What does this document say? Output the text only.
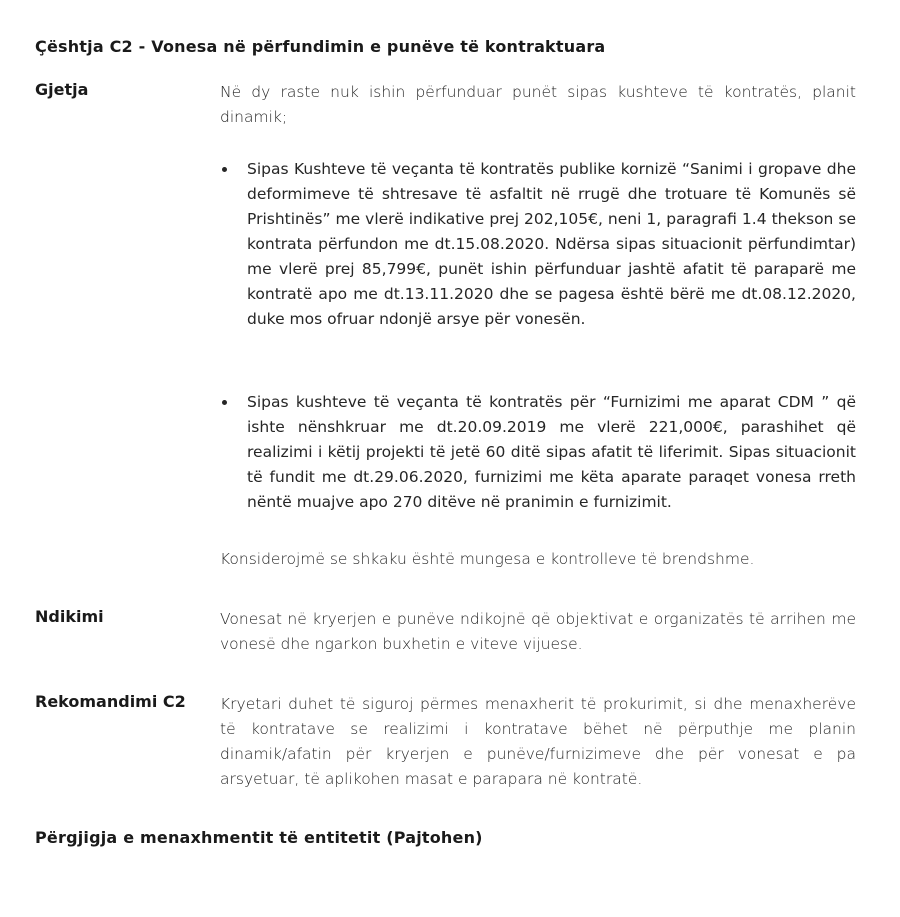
Çështja C2 - Vonesa në përfundimin e punëve të kontraktuara
Gjetja	Në dy raste nuk ishin përfunduar punët sipas kushteve të kontratës, planit dinamik;
Sipas Kushteve të veçanta të kontratës publike kornizë “Sanimi i gropave dhe deformimeve të shtresave të asfaltit në rrugë dhe trotuare të Komunës së Prishtinës” me vlerë indikative prej 202,105€, neni 1, paragrafi 1.4 thekson se kontrata përfundon me dt.15.08.2020. Ndërsa sipas situacionit përfundimtar) me vlerë prej 85,799€, punët ishin përfunduar jashtë afatit të paraparë me kontratë apo me dt.13.11.2020 dhe se pagesa është bërë me dt.08.12.2020, duke mos ofruar ndonjë arsye për vonesën.
Sipas kushteve të veçanta të kontratës për “Furnizimi me aparat CDM ” që ishte nënshkruar me dt.20.09.2019 me vlerë 221,000€, parashihet që realizimi i këtij projekti të jetë 60 ditë sipas afatit të liferimit. Sipas situacionit të fundit me dt.29.06.2020, furnizimi me këta aparate paraqet vonesa rreth nëntë muajve apo 270 ditëve në pranimin e furnizimit.
Konsiderojmë se shkaku është mungesa e kontrolleve të brendshme.
Ndikimi	Vonesat në kryerjen e punëve ndikojnë që objektivat e organizatës të arrihen me vonesë dhe ngarkon buxhetin e viteve vijuese.
Rekomandimi C2 Kryetari duhet të siguroj përmes menaxherit të prokurimit, si dhe menaxherëve të kontratave se realizimi i kontratave bëhet në përputhje me planin dinamik/afatin për kryerjen e punëve/furnizimeve dhe për vonesat e pa arsyetuar, të aplikohen masat e parapara në kontratë.
Përgjigja e menaxhmentit të entitetit (Pajtohen)
